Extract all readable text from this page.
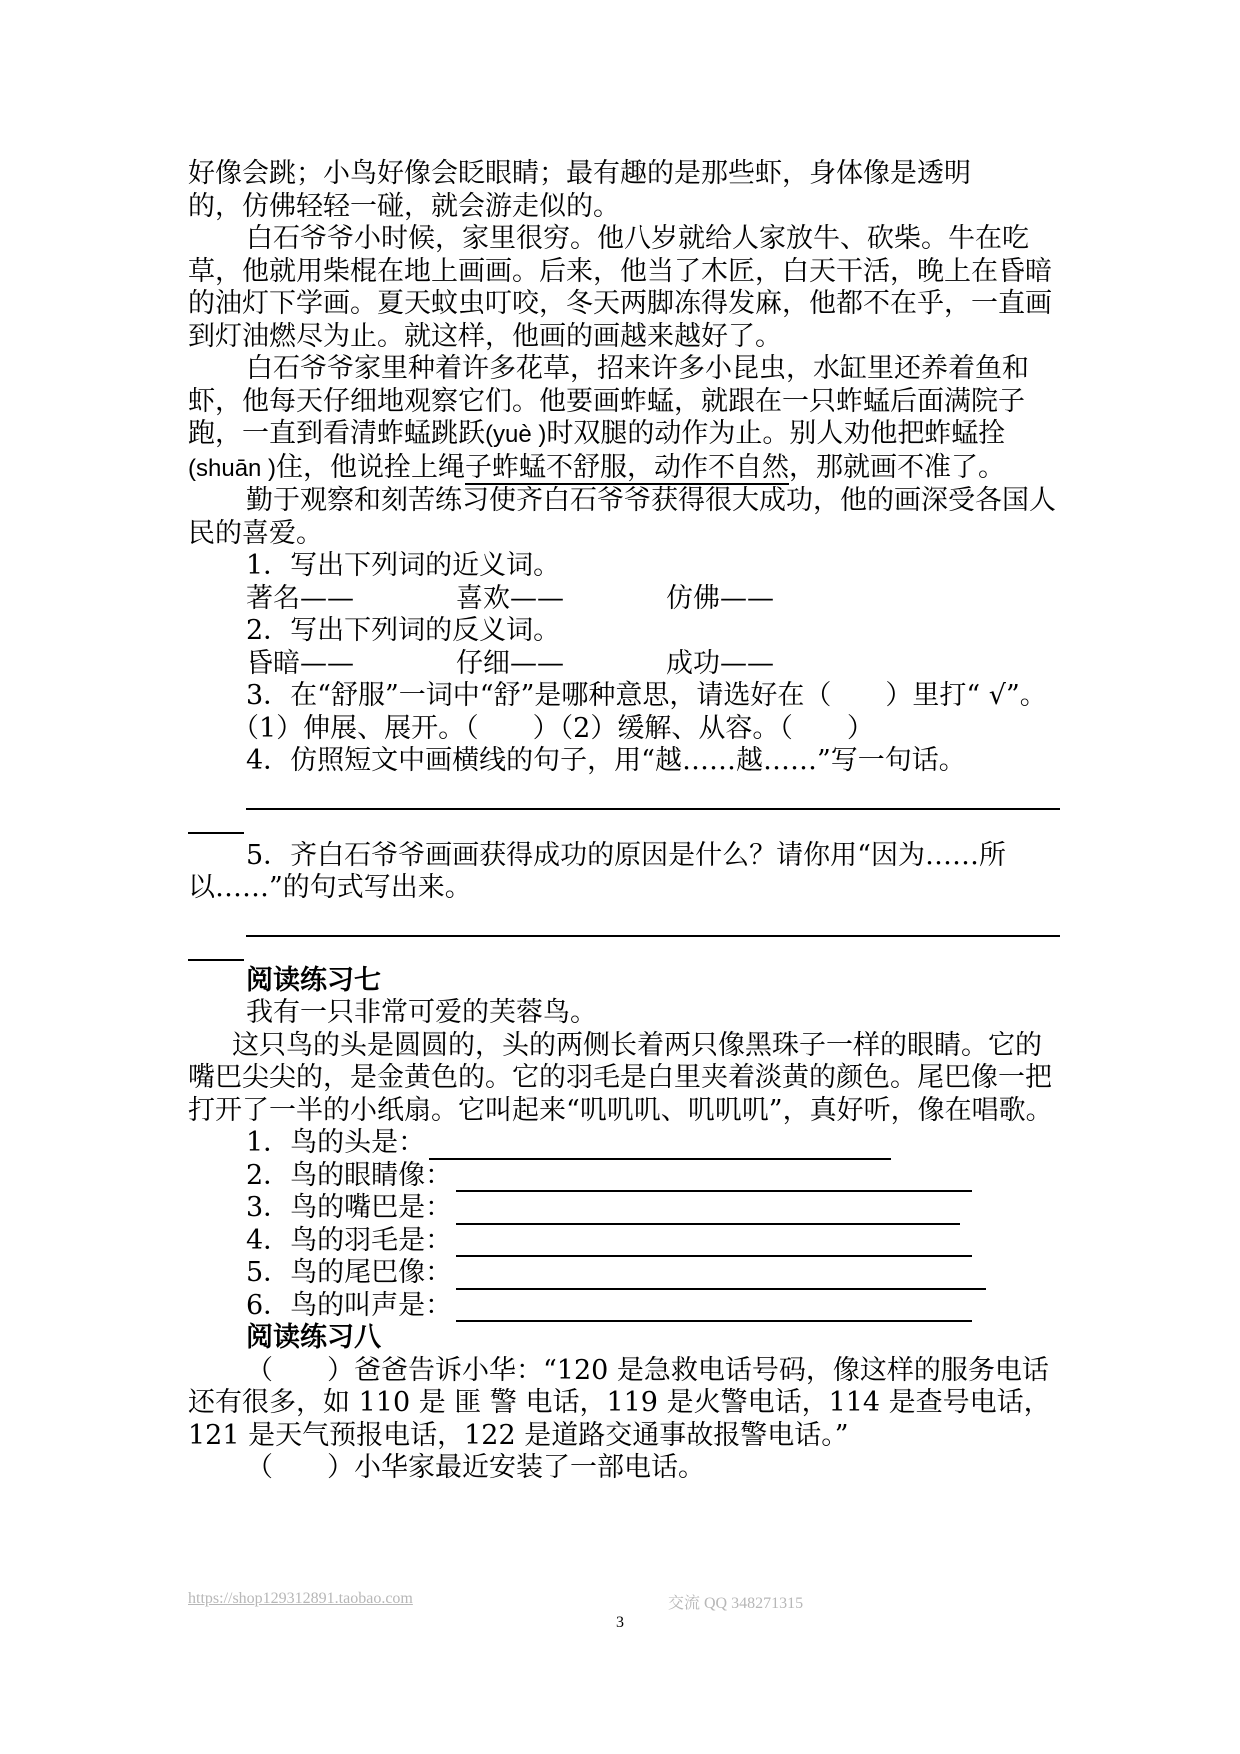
好像会跳；小鸟好像会眨眼睛；最有趣的是那些虾，身体像是透明

的，仿佛轻轻一碰，就会游走似的。

白石爷爷小时候，家里很穷。他八岁就给人家放牛、砍柴。牛在吃草，他就用柴棍在地上画画。后来，他当了木匠，白天干活，晚上在昏暗的油灯下学画。夏天蚊虫叮咬，冬天两脚冻得发麻，他都不在乎，一直画到灯油燃尽为止。就这样，他画的画越来越好了。

白石爷爷家里种着许多花草，招来许多小昆虫，水缸里还养着鱼和虾，他每天仔细地观察它们。他要画蚱蜢，就跟在一只蚱蜢后面满院子跑，一直到看清蚱蜢跳跃(yuè )时双腿的动作为止。别人劝他把蚱蜢拴(shuān )住，他说拴上绳子蚱蜢不舒服，动作不自然，那就画不准了。

勤于观察和刻苦练习使齐白石爷爷获得很大成功，他的画深受各国人民的喜爱。

1．写出下列词的近义词。

著名——	喜欢——	仿佛——

2．写出下列词的反义词。

昏暗——	仔细——	成功——

3．在“舒服”一词中“舒”是哪种意思，请选好在（　　）里打“ √”。

（1）伸展、展开。（　　）（2）缓解、从容。（　　）

4．仿照短文中画横线的句子，用“越……越……”写一句话。

5．齐白石爷爷画画获得成功的原因是什么？请你用“因为……所以……”的句式写出来。

阅读练习七

我有一只非常可爱的芙蓉鸟。

这只鸟的头是圆圆的，头的两侧长着两只像黑珠子一样的眼睛。它的嘴巴尖尖的，是金黄色的。它的羽毛是白里夹着淡黄的颜色。尾巴像一把打开了一半的小纸扇。它叫起来“叽叽叽、叽叽叽”，真好听，像在唱歌。

1．鸟的头是：
2．鸟的眼睛像：
3．鸟的嘴巴是：
4．鸟的羽毛是：
5．鸟的尾巴像：
6．鸟的叫声是：

阅读练习八

（　　）爸爸告诉小华：“120 是急救电话号码，像这样的服务电话还有很多，如 110 是 匪 警 电话，119 是火警电话，114 是查号电话，121 是天气预报电话，122 是道路交通事故报警电话。”

（　　）小华家最近安装了一部电话。

https://shop129312891.taobao.com	交流 QQ 348271315
3
